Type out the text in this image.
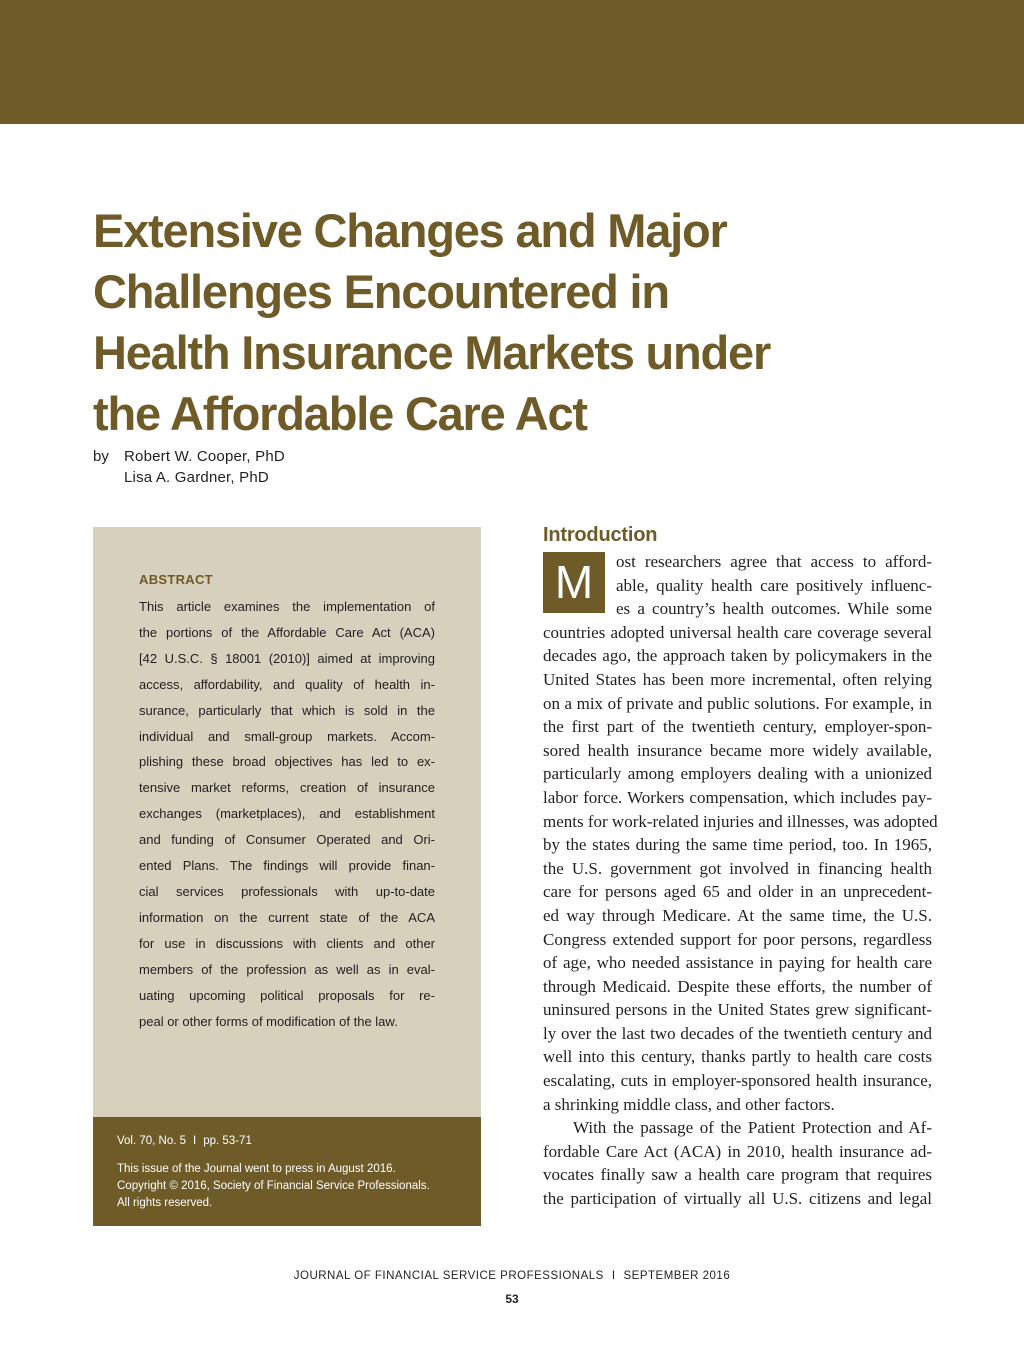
Extensive Changes and Major
Challenges Encountered in
Health Insurance Markets under
the Affordable Care Act
by Robert W. Cooper, PhD
Lisa A. Gardner, PhD
ABSTRACT
This article examines the implementation of
the portions of the Affordable Care Act (ACA)
[42 U.S.C. § 18001 (2010)] aimed at improving
access, affordability, and quality of health in-
surance, particularly that which is sold in the
individual and small-group markets. Accom-
plishing these broad objectives has led to ex-
tensive market reforms, creation of insurance
exchanges (marketplaces), and establishment
and funding of Consumer Operated and Ori-
ented Plans. The findings will provide finan-
cial services professionals with up-to-date
information on the current state of the ACA
for use in discussions with clients and other
members of the profession as well as in eval-
uating upcoming political proposals for re-
peal or other forms of modification of the law.
Vol. 70, No. 5 I pp. 53-71
This issue of the Journal went to press in August 2016.
Copyright © 2016, Society of Financial Service Professionals.
All rights reserved.
Introduction
M	ost researchers agree that access to afford-
able, quality health care positively influenc-
es a country’s health outcomes. While some
countries adopted universal health care coverage several
decades ago, the approach taken by policymakers in the
United States has been more incremental, often relying
on a mix of private and public solutions. For example, in
the first part of the twentieth century, employer-spon-
sored health insurance became more widely available,
particularly among employers dealing with a unionized
labor force. Workers compensation, which includes pay-
ments for work-related injuries and illnesses, was adopted
by the states during the same time period, too. In 1965,
the U.S. government got involved in financing health
care for persons aged 65 and older in an unprecedent-
ed way through Medicare. At the same time, the U.S.
Congress extended support for poor persons, regardless
of age, who needed assistance in paying for health care
through Medicaid. Despite these efforts, the number of
uninsured persons in the United States grew significant-
ly over the last two decades of the twentieth century and
well into this century, thanks partly to health care costs
escalating, cuts in employer-sponsored health insurance,
a shrinking middle class, and other factors.
With the passage of the Patient Protection and Af-
fordable Care Act (ACA) in 2010, health insurance ad-
vocates finally saw a health care program that requires
the participation of virtually all U.S. citizens and legal
JOURNAL OF FINANCIAL SERVICE PROFESSIONALS I SEPTEMBER 2016
53
